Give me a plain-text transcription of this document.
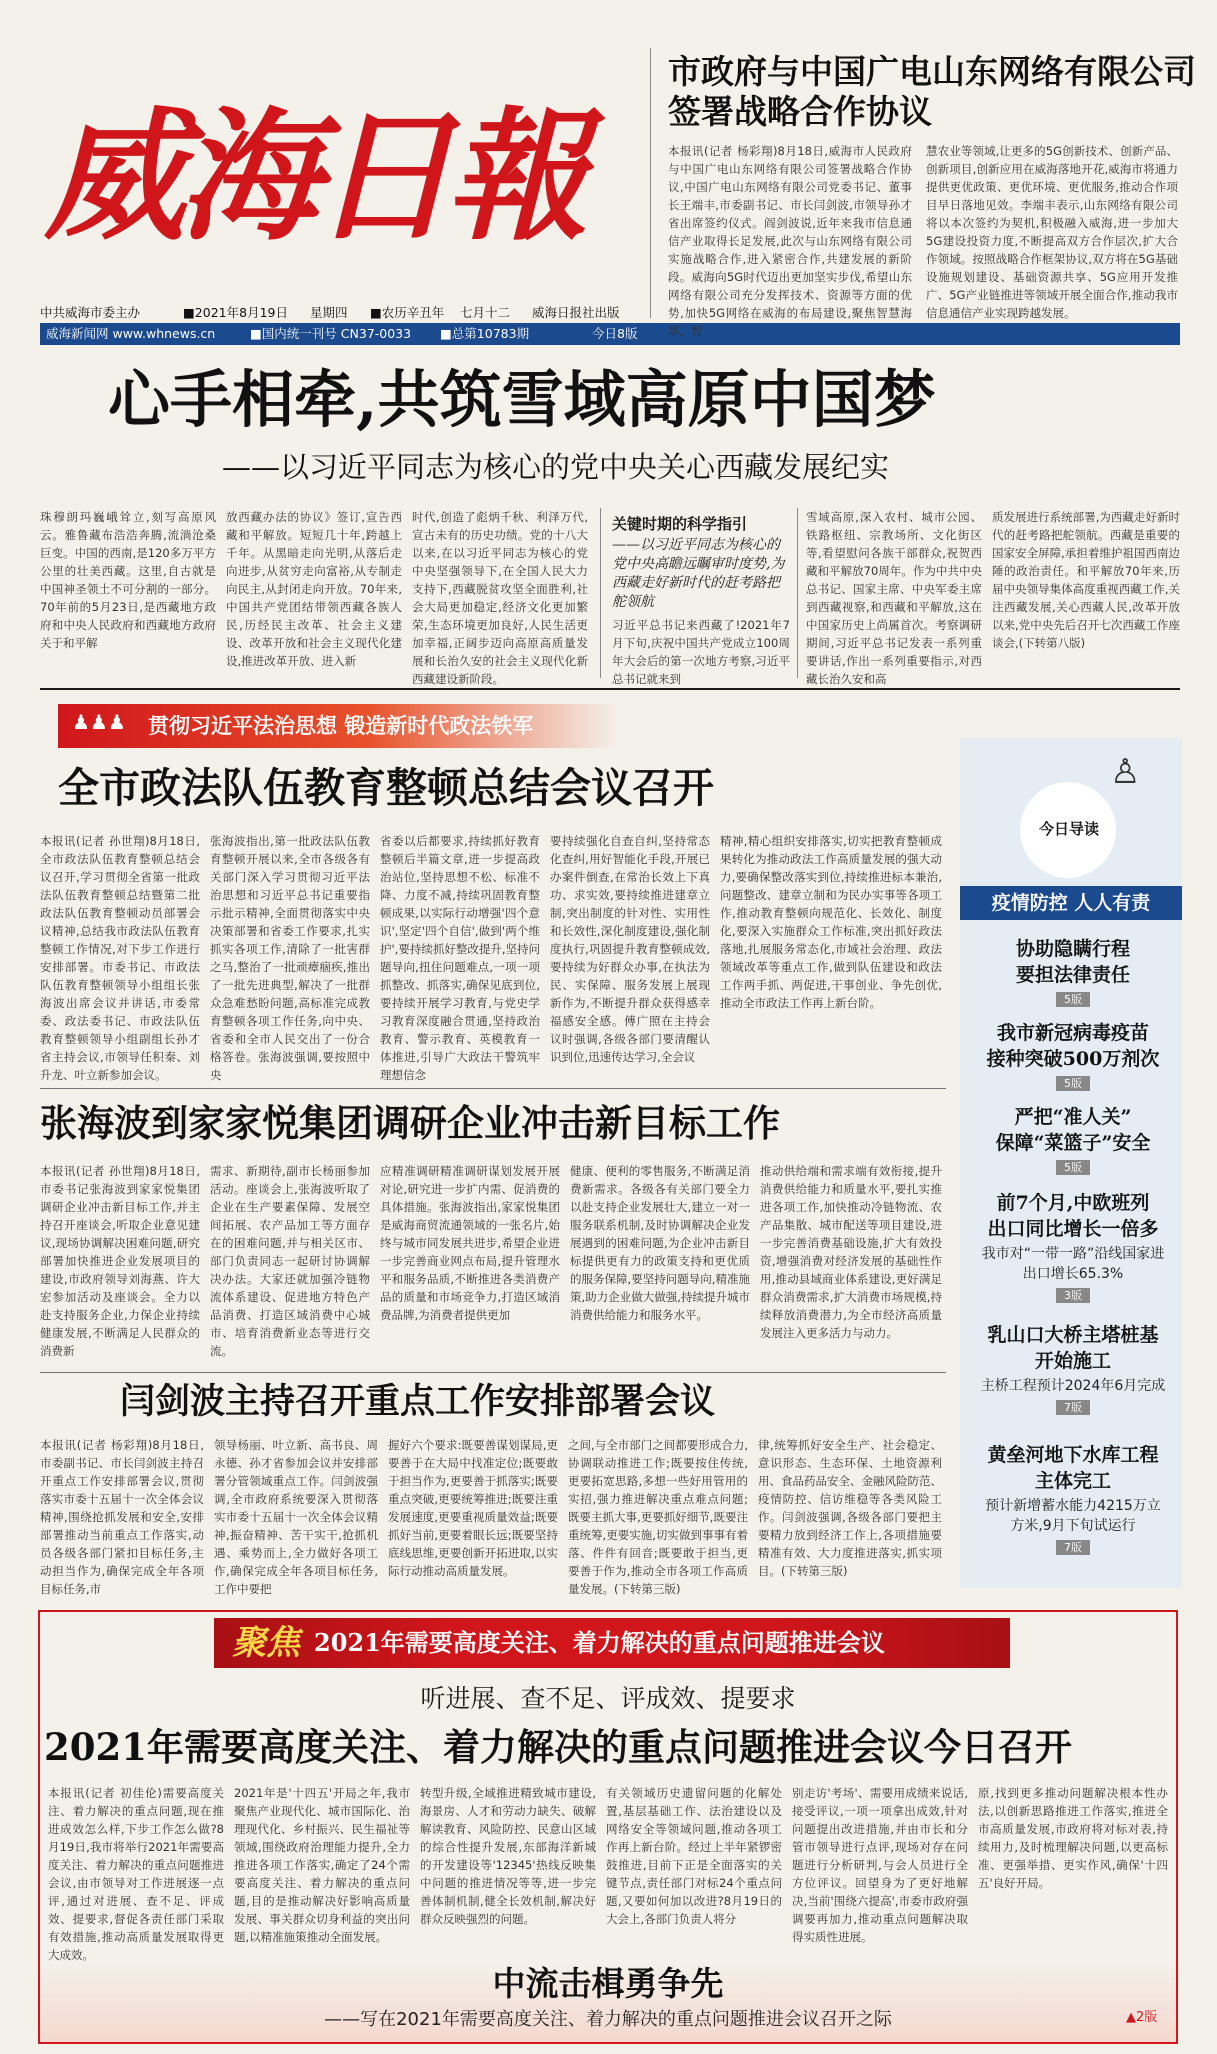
威海日報
中共威海市委主办	■2021年8月19日 星期四 ■农历辛丑年 七月十二 威海日报社出版
威海新闻网 www.whnews.cn	■国内统一刊号 CN37-0033 ■总第10783期	今日8版
市政府与中国广电山东网络有限公司
签署战略合作协议
本报讯(记者 杨彩翔)8月18日,威海市人民政府与中国广电山东网络有限公司签署战略合作协议,中国广电山东网络有限公司党委书记、董事长王端丰,市委副书记、市长闫剑波,市领导孙才省出席签约仪式。阎剑波说,近年来我市信息通信产业取得长足发展,此次与山东网络有限公司实施战略合作,进入紧密合作,共建发展的新阶段。威海向5G时代迈出更加坚实步伐,希望山东网络有限公司充分发挥技术、资源等方面的优势,加快5G网络在威海的布局建设,聚焦智慧海事、智
慧农业等领域,让更多的5G创新技术、创新产品、创新项目,创新应用在威海落地开花,威海市将通力提供更优政策、更优环境、更优服务,推动合作项目早日落地见效。李端丰表示,山东网络有限公司将以本次签约为契机,积极融入威海,进一步加大5G建设投资力度,不断提高双方合作层次,扩大合作领域。按照战略合作框架协议,双方将在5G基础设施规划建设、基础资源共享、5G应用开发推广、5G产业链推进等领域开展全面合作,推动我市信息通信产业实现跨越发展。
心手相牵,共筑雪域高原中国梦
——以习近平同志为核心的党中央关心西藏发展纪实
珠穆朗玛巍峨耸立,刻写高原风云。雅鲁藏布浩浩奔腾,流淌沧桑巨变。中国的西南,是120多万平方公里的壮美西藏。这里,自古就是中国神圣领土不可分割的一部分。70年前的5月23日,是西藏地方政府和中央人民政府和西藏地方政府关于和平解
放西藏办法的协议》签订,宣告西藏和平解放。短短几十年,跨越上千年。从黑暗走向光明,从落后走向进步,从贫穷走向富裕,从专制走向民主,从封闭走向开放。70年来,中国共产党团结带领西藏各族人民,历经民主改革、社会主义建设、改革开放和社会主义现代化建设,推进改革开放、进入新
时代,创造了彪炳千秋、利泽万代,宣古未有的历史功绩。党的十八大以来,在以习近平同志为核心的党中央坚强领导下,在全国人民大力支持下,西藏脱贫攻坚全面胜利,社会大局更加稳定,经济文化更加繁荣,生态环境更加良好,人民生活更加幸福,正阔步迈向高原高质量发展和长治久安的社会主义现代化新西藏建设新阶段。
关键时期的科学指引
——以习近平同志为核心的党中央高瞻远瞩审时度势,为西藏走好新时代的赶考路把舵领航
习近平总书记来西藏了!2021年7月下旬,庆祝中国共产党成立100周年大会后的第一次地方考察,习近平总书记就来到
雪域高原,深入农村、城市公园、铁路枢纽、宗教场所、文化街区等,看望慰问各族干部群众,祝贺西藏和平解放70周年。作为中共中央总书记、国家主席、中央军委主席到西藏视察,和西藏和平解放,这在中国家历史上尚属首次。考察调研期间,习近平总书记发表一系列重要讲话,作出一系列重要指示,对西藏长治久安和高
质发展进行系统部署,为西藏走好新时代的赶考路把舵领航。西藏是重要的国家安全屏障,承担着维护祖国西南边陲的政治责任。和平解放70年来,历届中央领导集体高度重视西藏工作,关注西藏发展,关心西藏人民,改革开放以来,党中央先后召开七次西藏工作座谈会,(下转第八版)
♟♟♟ 贯彻习近平法治思想 锻造新时代政法铁军
全市政法队伍教育整顿总结会议召开
本报讯(记者 孙世翔)8月18日,全市政法队伍教育整顿总结会议召开,学习贯彻全省第一批政法队伍教育整顿总结暨第二批政法队伍教育整顿动员部署会议精神,总结我市政法队伍教育整顿工作情况,对下步工作进行安排部署。市委书记、市政法队伍教育整顿领导小组组长张海波出席会议并讲话,市委常委、政法委书记、市政法队伍教育整顿领导小组副组长孙才省主持会议,市领导任积秦、刘升龙、叶立新参加会议。
张海波指出,第一批政法队伍教育整顿开展以来,全市各级各有关部门深入学习贯彻习近平法治思想和习近平总书记重要指示批示精神,全面贯彻落实中央决策部署和省委工作要求,扎实抓实各项工作,清除了一批害群之马,整治了一批顽瘴痼疾,推出了一批先进典型,解决了一批群众急难愁盼问题,高标准完成教育整顿各项工作任务,向中央、省委和全市人民交出了一份合格答卷。张海波强调,要按照中央
省委以后都要求,持续抓好教育整顿后半篇文章,进一步提高政治站位,坚持思想不松、标准不降、力度不减,持续巩固教育整顿成果,以实际行动增强'四个意识',坚定'四个自信',做到'两个维护',要持续抓好整改提升,坚持问题导向,扭住问题难点,一项一项抓整改、抓落实,确保见底到位,要持续开展学习教育,与党史学习教育深度融合贯通,坚持政治教育、警示教育、英模教育一体推进,引导广大政法干警筑牢理想信念
要持续强化自查自纠,坚持常态化查纠,用好智能化手段,开展已办案件倒查,在常治长效上下真功、求实效,要持续推进建章立制,突出制度的针对性、实用性和长效性,深化制度建设,强化制度执行,巩固提升教育整顿成效,要持续为好群众办事,在执法为民、实保障、服务发展上展现新作为,不断提升群众获得感幸福感安全感。傅广照在主持会议时强调,各级各部门要清醒认识到位,迅速传达学习,全会议
精神,精心组织安排落实,切实把教育整顿成果转化为推动政法工作高质量发展的强大动力,要确保整改落实到位,持续推进标本兼治,问题整改、建章立制和为民办实事等各项工作,推动教育整顿向规范化、长效化、制度化,要深入实施群众工作标准,突出抓好政法落地,扎展服务常态化,市域社会治理、政法领域改革等重点工作,做到队伍建设和政法工作两手抓、两促进,干事创业、争先创优,推动全市政法工作再上新台阶。
张海波到家家悦集团调研企业冲击新目标工作
本报讯(记者 孙世翔)8月18日,市委书记张海波到家家悦集团调研企业冲击新目标工作,并主持召开座谈会,听取企业意见建议,现场协调解决困难问题,研究部署加快推进企业发展项目的建设,市政府领导刘海燕、许大宏参加活动及座谈会。全力以赴支持服务企业,力保企业持续健康发展,不断满足人民群众的消费新
需求、新期待,副市长杨丽参加活动。座谈会上,张海波听取了企业在生产要素保障、发展空间拓展、农产品加工等方面存在的困难问题,并与相关区市、部门负责同志一起研讨协调解决办法。大家还就加强冷链物流体系建设、促进地方特色产品消费、打造区域消费中心城市、培育消费新业态等进行交流。
应精准调研精准调研谋划发展开展对论,研究进一步扩内需、促消费的具体措施。张海波指出,家家悦集团是威海商贸流通领域的一张名片,始终与城市同发展共进步,希望企业进一步完善商业网点布局,提升管理水平和服务品质,不断推进各类消费产品的质量和市场竞争力,打造区域消费品牌,为消费者提供更加
健康、便利的零售服务,不断满足消费新需求。各级各有关部门要全力以赴支持企业发展壮大,建立一对一服务联系机制,及时协调解决企业发展遇到的困难问题,为企业冲击新目标提供更有力的政策支持和更优质的服务保障,要坚持问题导向,精准施策,助力企业做大做强,持续提升城市消费供给能力和服务水平。
推动供给端和需求端有效衔接,提升消费供给能力和质量水平,要扎实推进各项工作,加快推动冷链物流、农产品集散、城市配送等项目建设,进一步完善消费基础设施,扩大有效投资,增强消费对经济发展的基础性作用,推动县域商业体系建设,更好满足群众消费需求,扩大消费市场规模,持续释放消费潜力,为全市经济高质量发展注入更多活力与动力。
闫剑波主持召开重点工作安排部署会议
本报讯(记者 杨彩翔)8月18日,市委副书记、市长闫剑波主持召开重点工作安排部署会议,贯彻落实市委十五届十一次全体会议精神,围绕抢抓发展和安全,安排部署推动当前重点工作落实,动员各级各部门紧扣目标任务,主动担当作为,确保完成全年各项目标任务,市
领导杨丽、叶立新、高书良、周永德、孙才省参加会议并安排部署分管领域重点工作。闫剑波强调,全市政府系统要深入贯彻落实市委十五届十一次全体会议精神,振奋精神、苦干实干,抢抓机遇、乘势而上,全力做好各项工作,确保完成全年各项目标任务,工作中要把
握好六个要求:既要善谋划谋局,更要善于在大局中找准定位;既要敢于担当作为,更要善于抓落实;既要重点突破,更要统筹推进;既要注重发展速度,更要重视质量效益;既要抓好当前,更要着眼长远;既要坚持底线思维,更要创新开拓进取,以实际行动推动高质量发展。
之间,与全市部门之间都要形成合力,协调联动推进工作;既要按住传统,更要拓宽思路,多想一些好用管用的实招,强力推进解决重点难点问题;既要主抓大事,更要抓好细节,既要注重统筹,更要实施,切实做到事事有着落、件件有回音;既要敢于担当,更要善于作为,推动全市各项工作高质量发展。(下转第三版)
律,统筹抓好安全生产、社会稳定、意识形态、生态环保、土地资源利用、食品药品安全、金融风险防范、疫情防控、信访维稳等各类风险工作。闫剑波强调,各级各部门要把主要精力放到经济工作上,各项措施要精准有效、大力度推进落实,抓实项目。(下转第三版)
今日导读
♙
疫情防控 人人有责
协助隐瞒行程
要担法律责任
5版
我市新冠病毒疫苗
接种突破500万剂次
5版
严把“准人关”
保障“菜篮子”安全
5版
前7个月,中欧班列
出口同比增长一倍多
我市对“一带一路”沿线国家进出口增长65.3%
3版
乳山口大桥主塔桩基
开始施工
主桥工程预计2024年6月完成
7版
黄垒河地下水库工程
主体完工
预计新增蓄水能力4215万立方米,9月下旬试运行
7版
聚焦 2021年需要高度关注、着力解决的重点问题推进会议
听进展、查不足、评成效、提要求
2021年需要高度关注、着力解决的重点问题推进会议今日召开
本报讯(记者 初佳伦)需要高度关注、着力解决的重点问题,现在推进成效怎么样,下步工作怎么做?8月19日,我市将举行2021年需要高度关注、着力解决的重点问题推进会议,由市领导对工作进展逐一点评,通过对进展、查不足、评成效、提要求,督促各责任部门采取有效措施,推动高质量发展取得更大成效。
2021年是'十四五'开局之年,我市聚焦产业现代化、城市国际化、治理现代化、乡村振兴、民生福祉等领域,围绕政府治理能力提升,全力推进各项工作落实,确定了24个需要高度关注、着力解决的重点问题,目的是推动解决好影响高质量发展、事关群众切身利益的突出问题,以精准施策推动全面发展。
转型升级,全域推进精致城市建设,海景房、人才和劳动力缺失、破解解读教育、风险防控、民意山区域的综合性提升发展,东部海洋新城的开发建设等'12345'热线反映集中问题的推进情况等等,进一步完善体制机制,健全长效机制,解决好群众反映强烈的问题。
有关领域历史遗留问题的化解处置,基层基础工作、法治建设以及网络安全等领域问题,推动各项工作再上新台阶。经过上半年紧锣密鼓推进,目前下正是全面落实的关键节点,责任部门对标24个重点问题,又要如何加以改进?8月19日的大会上,各部门负责人将分
别走访'考场'、需要用成绩来说话,接受评议,一项一项拿出成效,针对问题提出改进措施,并由市长和分管市领导进行点评,现场对存在问题进行分析研判,与会人员进行全方位评议。回望身为了更好地解决,当前'围绕六提高',市委市政府强调要再加力,推动重点问题解决取得实质性进展。
原,找到更多推动问题解决根本性办法,以创新思路推进工作落实,推进全市高质量发展,市政府将对标对表,持续用力,及时梳理解决问题,以更高标准、更强举措、更实作风,确保'十四五'良好开局。
中流击楫勇争先
——写在2021年需要高度关注、着力解决的重点问题推进会议召开之际	▲2版
